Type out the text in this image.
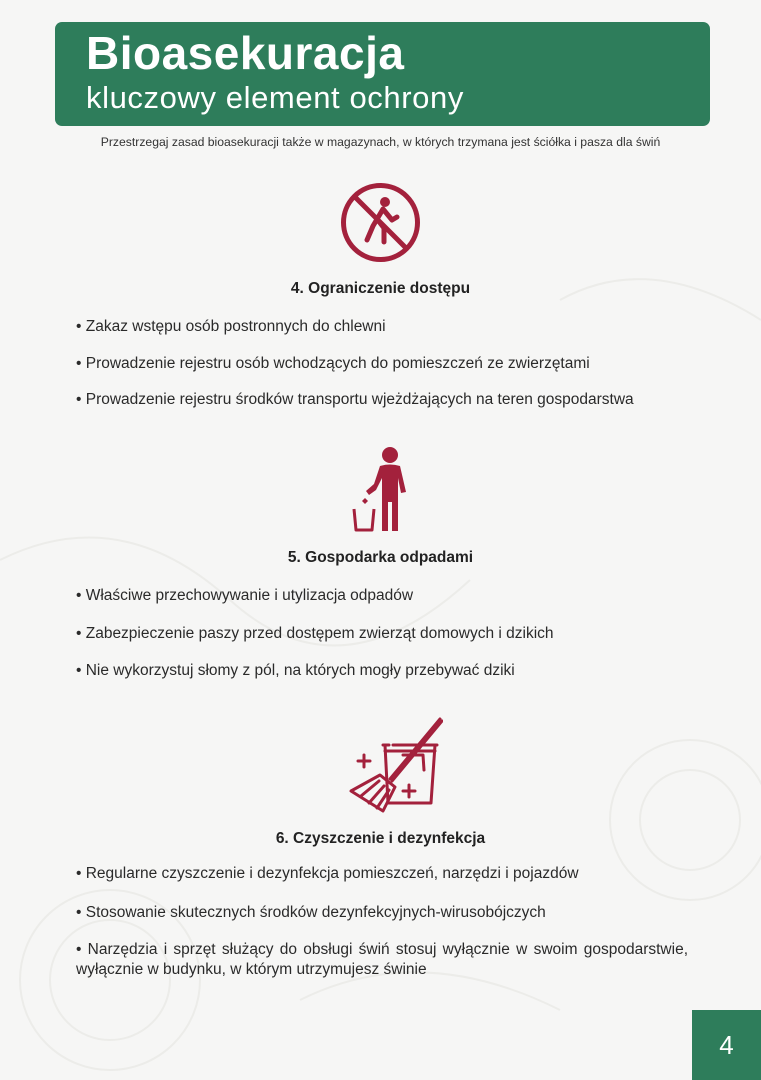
Bioasekuracja
kluczowy element ochrony
Przestrzegaj zasad bioasekuracji także w magazynach, w których trzymana jest ściółka i pasza dla świń
4. Ograniczenie dostępu
• Zakaz wstępu osób postronnych do chlewni
• Prowadzenie rejestru osób wchodzących do pomieszczeń ze zwierzętami
• Prowadzenie rejestru środków transportu wjeżdżających na teren gospodarstwa
5. Gospodarka odpadami
• Właściwe przechowywanie i utylizacja odpadów
• Zabezpieczenie paszy przed dostępem zwierząt domowych i dzikich
• Nie wykorzystuj słomy z pól, na których mogły przebywać dziki
6. Czyszczenie i dezynfekcja
• Regularne czyszczenie i dezynfekcja pomieszczeń, narzędzi i pojazdów
• Stosowanie skutecznych środków dezynfekcyjnych-wirusobójczych
• Narzędzia i sprzęt służący do obsługi świń stosuj wyłącznie w swoim gospodarstwie, wyłącznie w budynku, w którym utrzymujesz świnie
4
